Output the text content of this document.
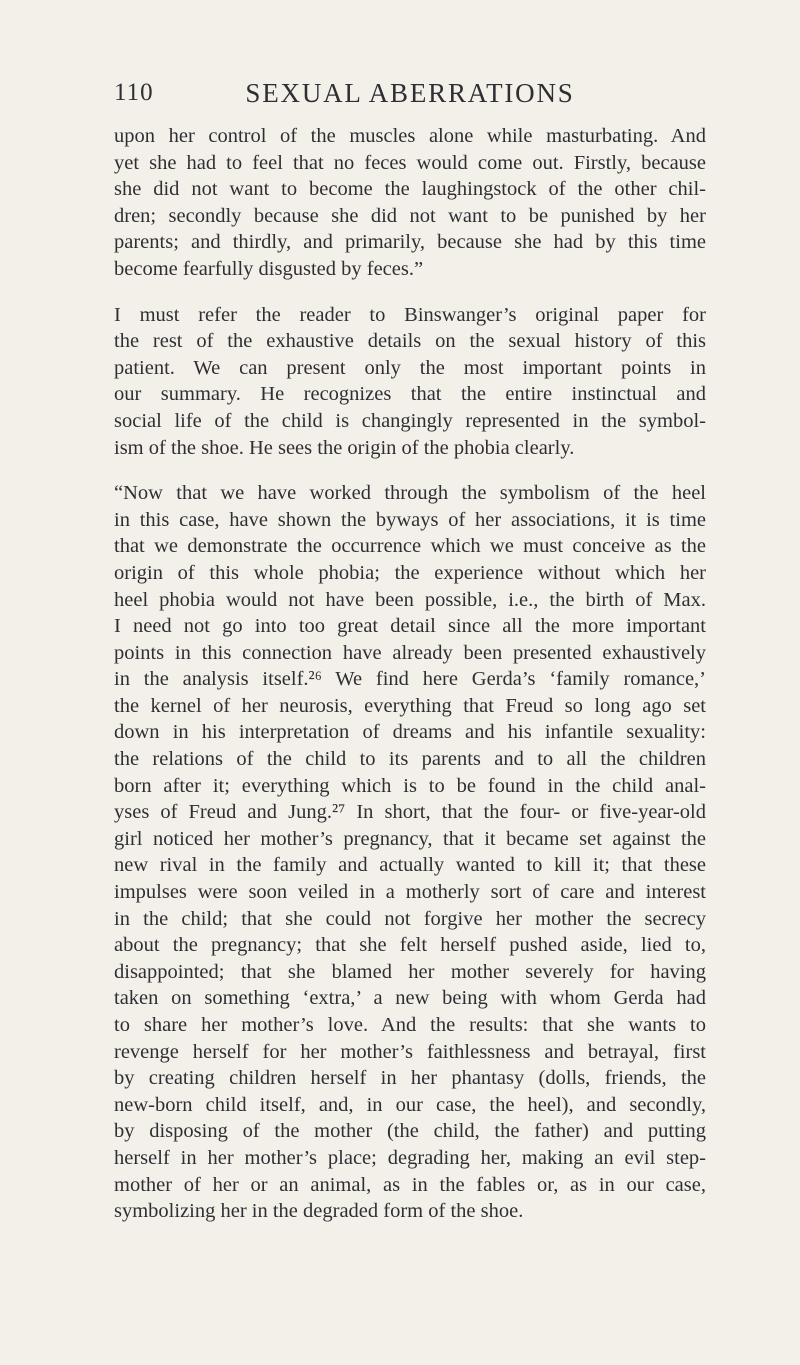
110	SEXUAL ABERRATIONS

upon her control of the muscles alone while masturbating. And
yet she had to feel that no feces would come out. Firstly, because
she did not want to become the laughingstock of the other chil-
dren; secondly because she did not want to be punished by her
parents; and thirdly, and primarily, because she had by this time
become fearfully disgusted by feces.”

I must refer the reader to Binswanger’s original paper for
the rest of the exhaustive details on the sexual history of this
patient. We can present only the most important points in
our summary. He recognizes that the entire instinctual and
social life of the child is changingly represented in the symbol-
ism of the shoe. He sees the origin of the phobia clearly.

“Now that we have worked through the symbolism of the heel
in this case, have shown the byways of her associations, it is time
that we demonstrate the occurrence which we must conceive as the
origin of this whole phobia; the experience without which her
heel phobia would not have been possible, i.e., the birth of Max.
I need not go into too great detail since all the more important
points in this connection have already been presented exhaustively
in the analysis itself.²⁶ We find here Gerda’s ‘family romance,’
the kernel of her neurosis, everything that Freud so long ago set
down in his interpretation of dreams and his infantile sexuality:
the relations of the child to its parents and to all the children
born after it; everything which is to be found in the child anal-
yses of Freud and Jung.²⁷ In short, that the four- or five-year-old
girl noticed her mother’s pregnancy, that it became set against the
new rival in the family and actually wanted to kill it; that these
impulses were soon veiled in a motherly sort of care and interest
in the child; that she could not forgive her mother the secrecy
about the pregnancy; that she felt herself pushed aside, lied to,
disappointed; that she blamed her mother severely for having
taken on something ‘extra,’ a new being with whom Gerda had
to share her mother’s love. And the results: that she wants to
revenge herself for her mother’s faithlessness and betrayal, first
by creating children herself in her phantasy (dolls, friends, the
new-born child itself, and, in our case, the heel), and secondly,
by disposing of the mother (the child, the father) and putting
herself in her mother’s place; degrading her, making an evil step-
mother of her or an animal, as in the fables or, as in our case,
symbolizing her in the degraded form of the shoe.
